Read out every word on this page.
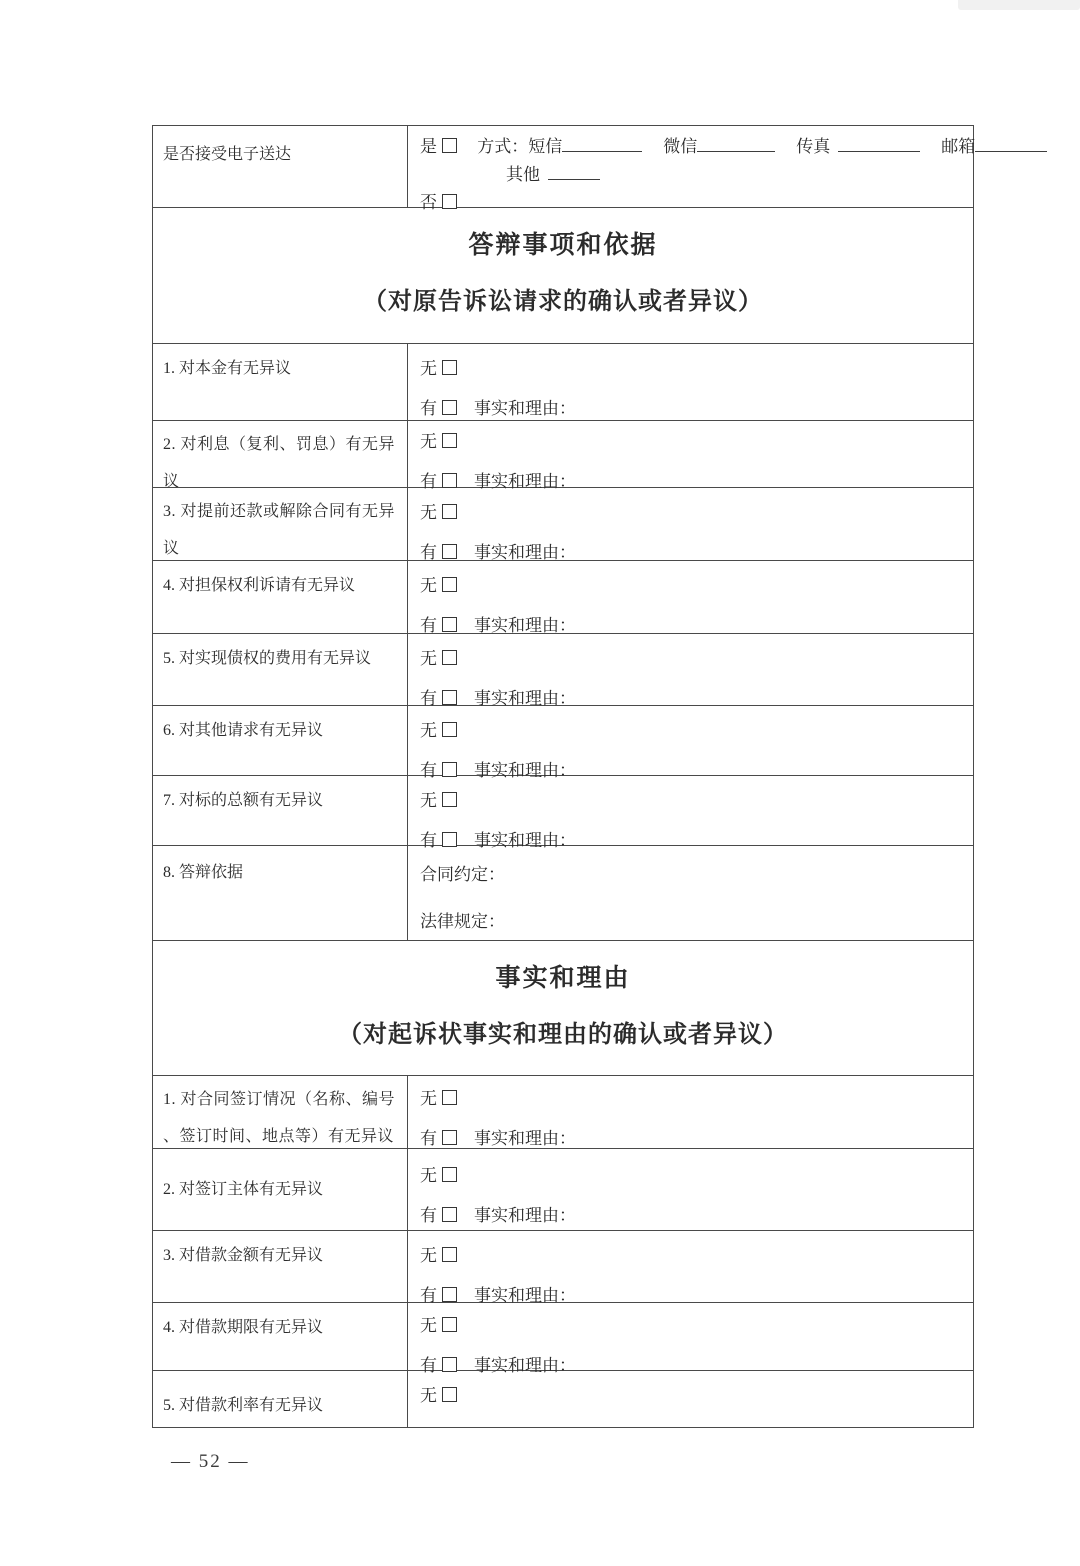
是否接受电子送达	是 方式：短信	微信	传真	邮箱
其他
否
答辩事项和依据
（对原告诉讼请求的确认或者异议）
1. 对本金有无异议	无
有 事实和理由：
2. 对利息（复利、罚息）有无异议
无
有 事实和理由：
3. 对提前还款或解除合同有无异议
无
有 事实和理由：
4. 对担保权利诉请有无异议	无
有 事实和理由：
5. 对实现债权的费用有无异议	无
有 事实和理由：
6. 对其他请求有无异议	无
有 事实和理由：
7. 对标的总额有无异议	无
有 事实和理由：
8. 答辩依据	合同约定：
法律规定：
事实和理由
（对起诉状事实和理由的确认或者异议）
1. 对合同签订情况（名称、编号、签订时间、地点等）有无异议
无
有 事实和理由：
2. 对签订主体有无异议
无
有 事实和理由：
3. 对借款金额有无异议	无
有 事实和理由：
4. 对借款期限有无异议	无
有 事实和理由：
5. 对借款利率有无异议
无
— 52 —
